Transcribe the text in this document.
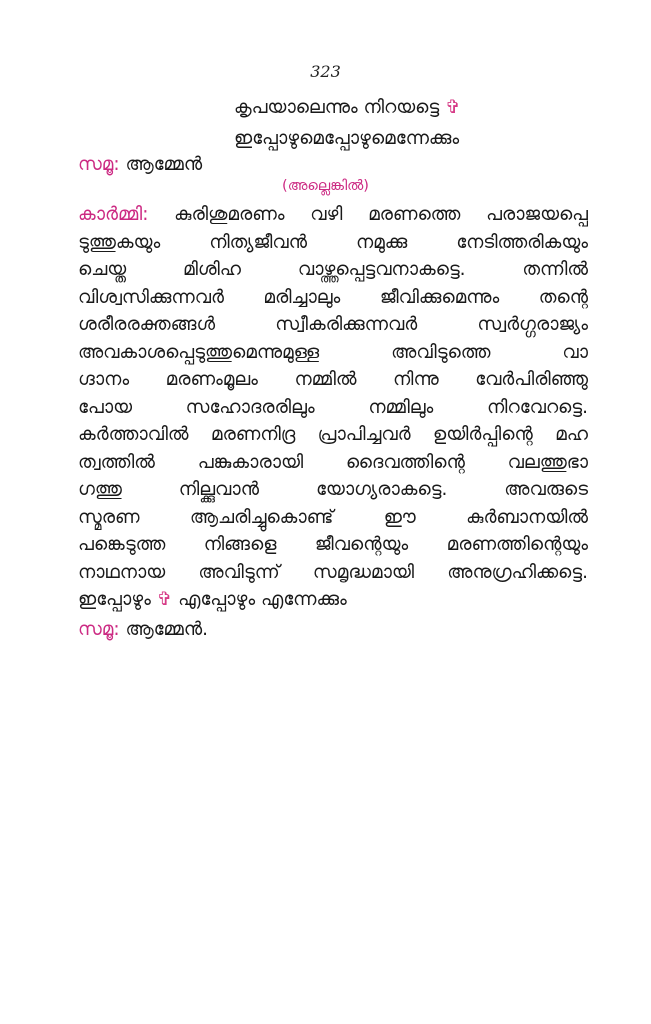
323
കൃപയാലെന്നും നിറയട്ടെ ✞
ഇപ്പോഴുമെപ്പോഴുമെന്നേക്കും
സമൂ: ആമ്മേൻ
(അല്ലെങ്കിൽ)
കാർമ്മി: കുരിശുമരണം വഴി മരണത്തെ പരാജയപ്പെ
ടുത്തുകയും നിത്യജീവൻ നമുക്കു നേടിത്തരികയും
ചെയ്ത മിശിഹ വാഴ്ത്തപ്പെട്ടവനാകട്ടെ. തന്നിൽ
വിശ്വസിക്കുന്നവർ മരിച്ചാലും ജീവിക്കുമെന്നും തന്റെ
ശരീരരക്തങ്ങൾ സ്വീകരിക്കുന്നവർ സ്വർഗ്ഗരാജ്യം
അവകാശപ്പെടുത്തുമെന്നുമുള്ള അവിടുത്തെ വാ
ഗ്ദാനം മരണംമൂലം നമ്മിൽ നിന്നു വേർപിരിഞ്ഞു
പോയ സഹോദരരിലും നമ്മിലും നിറവേറട്ടെ.
കർത്താവിൽ മരണനിദ്ര പ്രാപിച്ചവർ ഉയിർപ്പിന്റെ മഹ
ത്വത്തിൽ പങ്കുകാരായി ദൈവത്തിന്റെ വലത്തുഭാ
ഗത്തു നില്ക്കുവാൻ യോഗ്യരാകട്ടെ. അവരുടെ
സ്മരണ ആചരിച്ചുകൊണ്ട് ഈ കുർബാനയിൽ
പങ്കെടുത്ത നിങ്ങളെ ജീവന്റെയും മരണത്തിന്റെയും
നാഥനായ അവിടുന്ന് സമൃദ്ധമായി അനുഗ്രഹിക്കട്ടെ.
ഇപ്പോഴും ✞ എപ്പോഴും എന്നേക്കും
സമൂ: ആമ്മേൻ.
